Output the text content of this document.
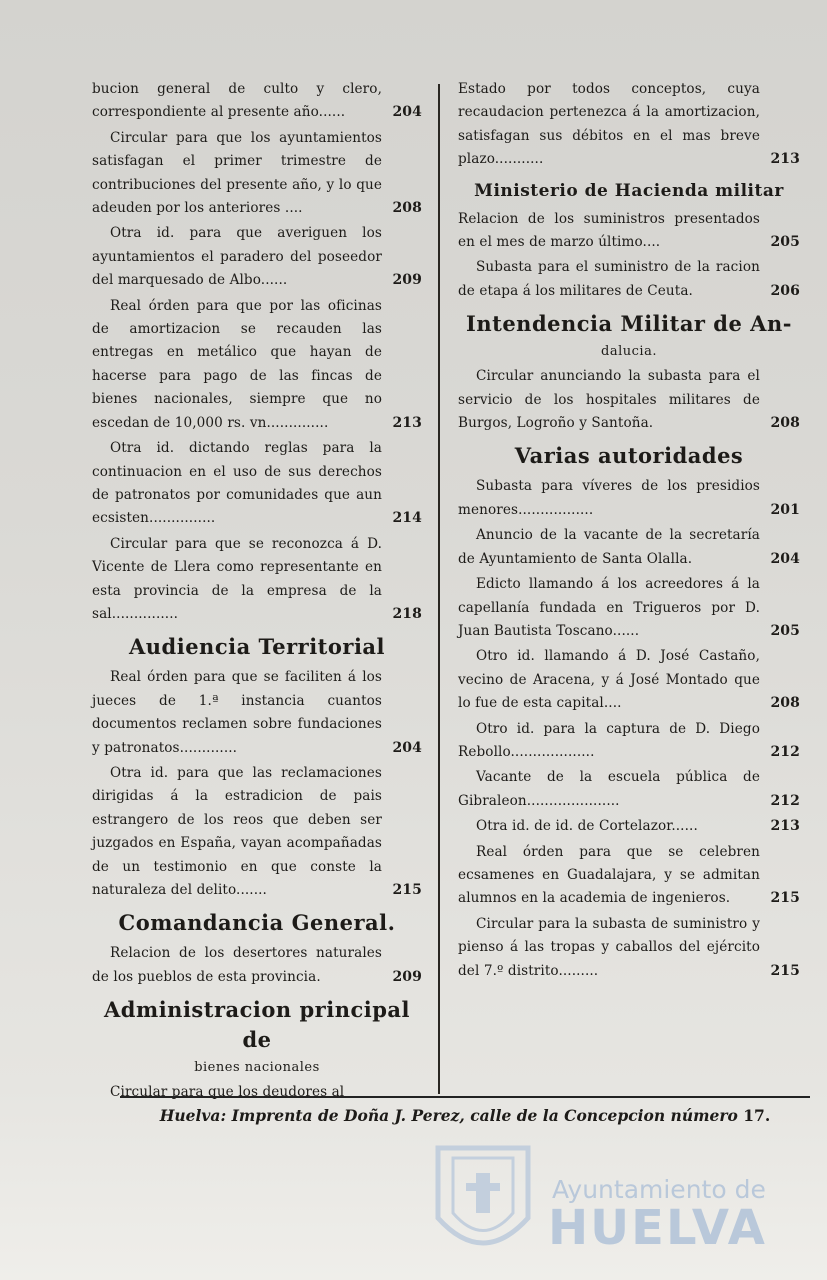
bucion general de culto y clero, correspondiente al presente año......	204
Circular para que los ayuntamientos satisfagan el primer trimestre de contribuciones del presente año, y lo que adeuden por los anteriores ....	208
Otra id. para que averiguen los ayuntamientos el paradero del poseedor del marquesado de Albo......	209
Real órden para que por las oficinas de amortizacion se recauden las entregas en metálico que hayan de hacerse para pago de las fincas de bienes nacionales, siempre que no escedan de 10,000 rs. vn..............	213
Otra id. dictando reglas para la continuacion en el uso de sus derechos de patronatos por comunidades que aun ecsisten...............	214
Circular para que se reconozca á D. Vicente de Llera como representante en esta provincia de la empresa de la sal...............	218
Audiencia Territorial
Real órden para que se faciliten á los jueces de 1.ª instancia cuantos documentos reclamen sobre fundaciones y patronatos.............	204
Otra id. para que las reclamaciones dirigidas á la estradicion de pais estrangero de los reos que deben ser juzgados en España, vayan acompañadas de un testimonio en que conste la naturaleza del delito.......	215
Comandancia General.
Relacion de los desertores naturales de los pueblos de esta provincia.	209
Administracion principal de
bienes nacionales
Circular para que los deudores al
Estado por todos conceptos, cuya recaudacion pertenezca á la amortizacion, satisfagan sus débitos en el mas breve plazo...........	213
Ministerio de Hacienda militar
Relacion de los suministros presentados en el mes de marzo último....	205
Subasta para el suministro de la racion de etapa á los militares de Ceuta.	206
Intendencia Militar de An-
dalucia.
Circular anunciando la subasta para el servicio de los hospitales militares de Burgos, Logroño y Santoña.	208
Varias autoridades
Subasta para víveres de los presidios menores.................	201
Anuncio de la vacante de la secretaría de Ayuntamiento de Santa Olalla.	204
Edicto llamando á los acreedores á la capellanía fundada en Trigueros por D. Juan Bautista Toscano......	205
Otro id. llamando á D. José Castaño, vecino de Aracena, y á José Montado que lo fue de esta capital....	208
Otro id. para la captura de D. Diego Rebollo...................	212
Vacante de la escuela pública de Gibraleon.....................	212
Otra id. de id. de Cortelazor......	213
Real órden para que se celebren ecsamenes en Guadalajara, y se admitan alumnos en la academia de ingenieros.	215
Circular para la subasta de suministro y pienso á las tropas y caballos del ejército del 7.º distrito.........	215
Huelva: Imprenta de Doña J. Perez, calle de la Concepcion número 17.
Ayuntamiento de
HUELVA
